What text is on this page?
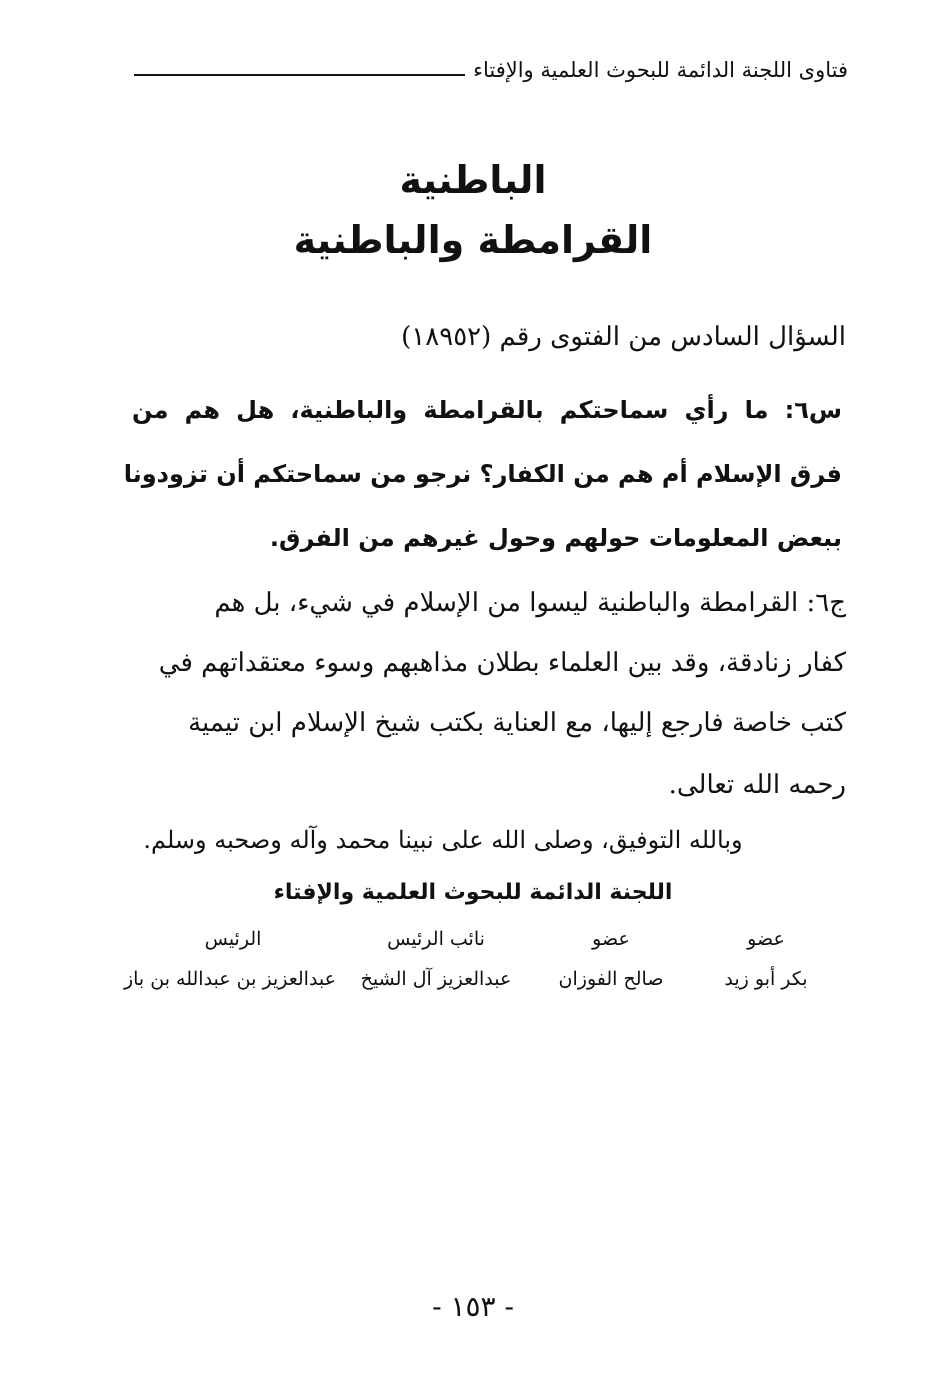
فتاوى اللجنة الدائمة للبحوث العلمية والإفتاء
الباطنية
القرامطة والباطنية
السؤال السادس من الفتوى رقم (١٨٩٥٢)
س٦: ما رأي سماحتكم بالقرامطة والباطنية، هل هم من
فرق الإسلام أم هم من الكفار؟ نرجو من سماحتكم أن تزودونا
ببعض المعلومات حولهم وحول غيرهم من الفرق.
ج٦: القرامطة والباطنية ليسوا من الإسلام في شيء، بل هم
كفار زنادقة، وقد بين العلماء بطلان مذاهبهم وسوء معتقداتهم في
كتب خاصة فارجع إليها، مع العناية بكتب شيخ الإسلام ابن تيمية
رحمه الله تعالى.
وبالله التوفيق، وصلى الله على نبينا محمد وآله وصحبه وسلم.
اللجنة الدائمة للبحوث العلمية والإفتاء
عضو
عضو
نائب الرئيس
الرئيس
بكر أبو زيد
صالح الفوزان
عبدالعزيز آل الشيخ
عبدالعزيز بن عبدالله بن باز
- ١٥٣ -
